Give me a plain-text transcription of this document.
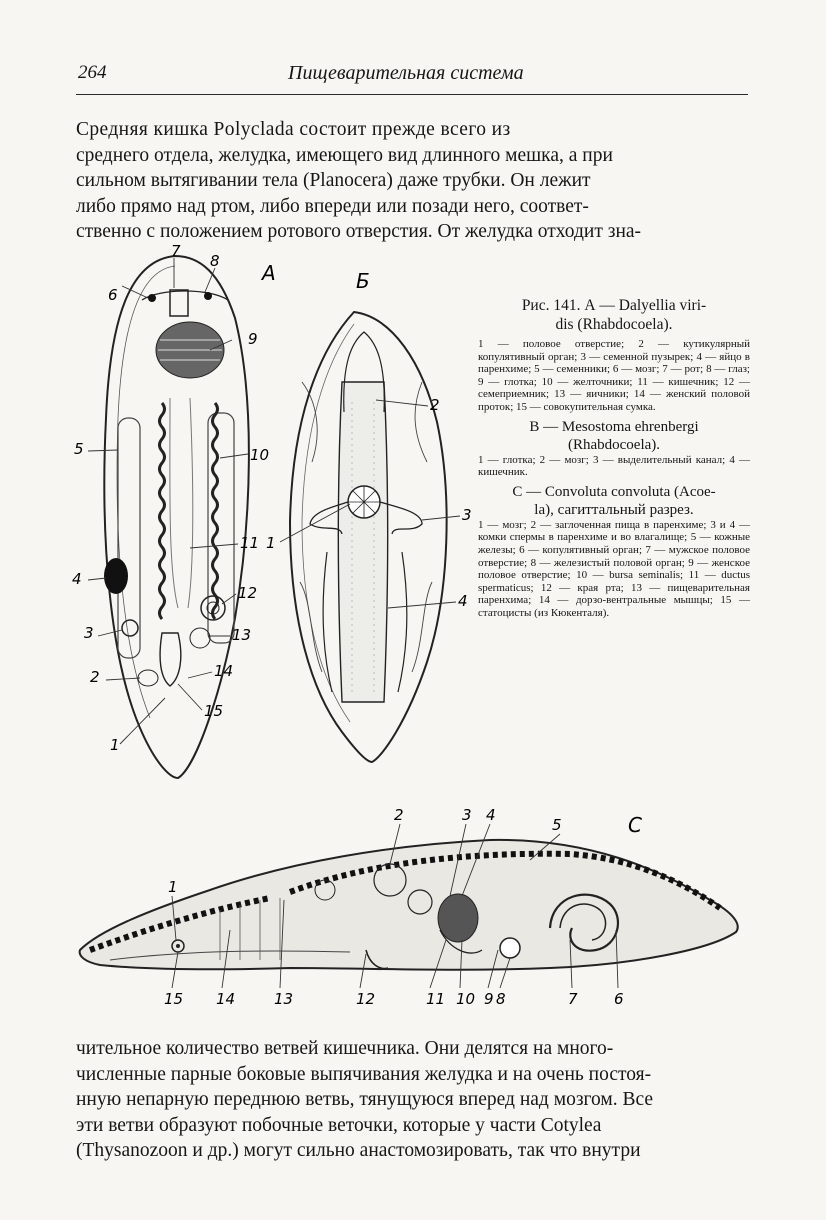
264	Пищеварительная система
Средняя кишка Polyclada состоит прежде всего из
среднего отдела, желудка, имеющего вид длинного мешка, а при
сильном вытягивании тела (Planocera) даже трубки. Он лежит
либо прямо над ртом, либо впереди или позади него, соответ-
ственно с положением ротового отверстия. От желудка отходит зна-
7
8
6
9
5	10
11
4
12
3	13
14
2
15
1
А	Б
2
3
1
4
Рис. 141. А — Dalyellia viri-
dis (Rhabdocoela).
1 — половое отверстие; 2 — кутикулярный копулятивный орган; 3 — семенной пузырек; 4 — яйцо в паренхиме; 5 — семенники; 6 — мозг; 7 — рот; 8 — глаз; 9 — глотка; 10 — желточники; 11 — кишечник; 12 — семеприемник; 13 — яичники; 14 — женский половой проток; 15 — совокупительная сумка.
B — Mesostoma ehrenbergi
(Rhabdocoela).
1 — глотка; 2 — мозг; 3 — выделительный канал; 4 — кишечник.
C — Convoluta convoluta (Acoe-
la), сагиттальный разрез.
1 — мозг; 2 — заглоченная пища в паренхиме; 3 и 4 — комки спермы в паренхиме и во влагалище; 5 — кожные железы; 6 — копулятивный орган; 7 — мужское половое отверстие; 8 — железистый половой орган; 9 — женское половое отверстие; 10 — bursa seminalis; 11 — ductus spermaticus; 12 — края рта; 13 — пищеварительная паренхима; 14 — дорзо-вентральные мышцы; 15 — статоцисты (из Кюкенталя).
С
2	3 4
5
1
15 14	13	12	11 10 9 8	7 6
чительное количество ветвей кишечника. Они делятся на много-
численные парные боковые выпячивания желудка и на очень постоя-
нную непарную переднюю ветвь, тянущуюся вперед над мозгом. Все
эти ветви образуют побочные веточки, которые у части Cotylea
(Thysanozoon и др.) могут сильно анастомозировать, так что внутри
